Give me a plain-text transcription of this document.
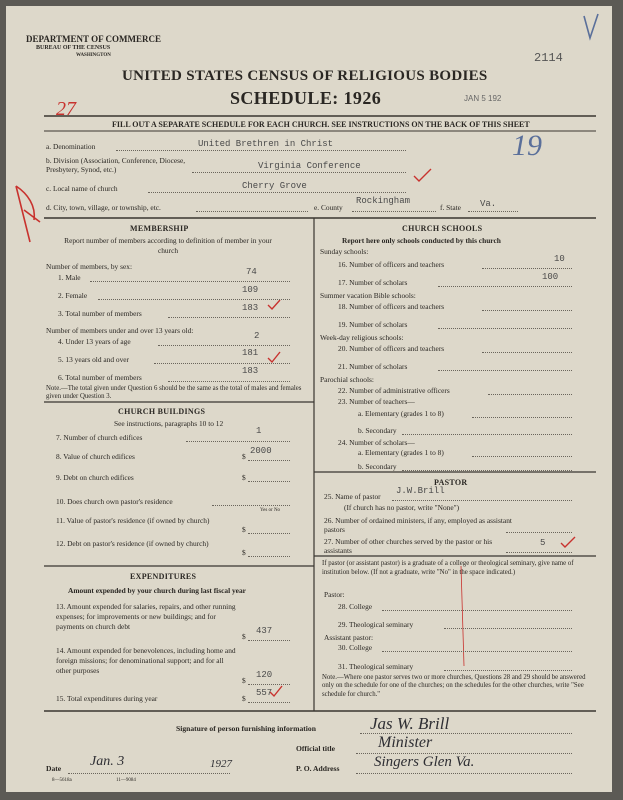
DEPARTMENT OF COMMERCE
BUREAU OF THE CENSUS
WASHINGTON
UNITED STATES CENSUS OF RELIGIOUS BODIES
SCHEDULE: 1926
2114
JAN 5 192
27
FILL OUT A SEPARATE SCHEDULE FOR EACH CHURCH. SEE INSTRUCTIONS ON THE BACK OF THIS SHEET
a. Denomination	United Brethren in Christ	19
b. Division (Association, Conference, Diocese, Presbytery, Synod, etc.)	Virginia Conference
c. Local name of church	Cherry Grove
d. City, town, village, or township, etc.	e. County
Rockingham
f. State Va.
MEMBERSHIP
Report number of members according to definition of member in your church
Number of members, by sex:
1. Male
74
2. Female
109
3. Total number of members
183
Number of members under and over 13 years old:
4. Under 13 years of age
2
5. 13 years old and over
181
6. Total number of members
183
Note.—The total given under Question 6 should be the same as the total of males and females given under Question 3.
CHURCH BUILDINGS
See instructions, paragraphs 10 to 12
7. Number of church edifices
1
8. Value of church edifices	$
2000
9. Debt on church edifices	$
10. Does church own pastor's residence
Yes or No
11. Value of pastor's residence (if owned by church)
$
12. Debt on pastor's residence (if owned by church)
$
EXPENDITURES
Amount expended by your church during last fiscal year
13. Amount expended for salaries, repairs, and other running expenses; for improvements or new buildings; and for payments on church debt
$
437
14. Amount expended for benevolences, including home and foreign missions; for denominational support; and for all other purposes
$
120
15. Total expenditures during year	$
557
CHURCH SCHOOLS
Report here only schools conducted by this church
Sunday schools:
16. Number of officers and teachers
10
17. Number of scholars
100
Summer vacation Bible schools:
18. Number of officers and teachers
19. Number of scholars
Week-day religious schools:
20. Number of officers and teachers
21. Number of scholars
Parochial schools:
22. Number of administrative officers
23. Number of teachers—
a. Elementary (grades 1 to 8)
b. Secondary
24. Number of scholars—
a. Elementary (grades 1 to 8)
b. Secondary
PASTOR
25. Name of pastor
J.W.Brill
(If church has no pastor, write "None")
26. Number of ordained ministers, if any, employed as assistant pastors
27. Number of other churches served by the pastor or his assistants
5
If pastor (or assistant pastor) is a graduate of a college or theological seminary, give name of institution below. (If not a graduate, write "No" in the space indicated.)
Pastor:
28. College
29. Theological seminary
Assistant pastor:
30. College
31. Theological seminary
Note.—Where one pastor serves two or more churches, Questions 28 and 29 should be answered only on the schedule for one of the churches; on the schedules for the other churches, write "See schedule for church."
Signature of person furnishing information	Jas W. Brill
Official title	Minister
Date Jan. 3	1927	P. O. Address Singers Glen Va.
8—5618a	11—9084
